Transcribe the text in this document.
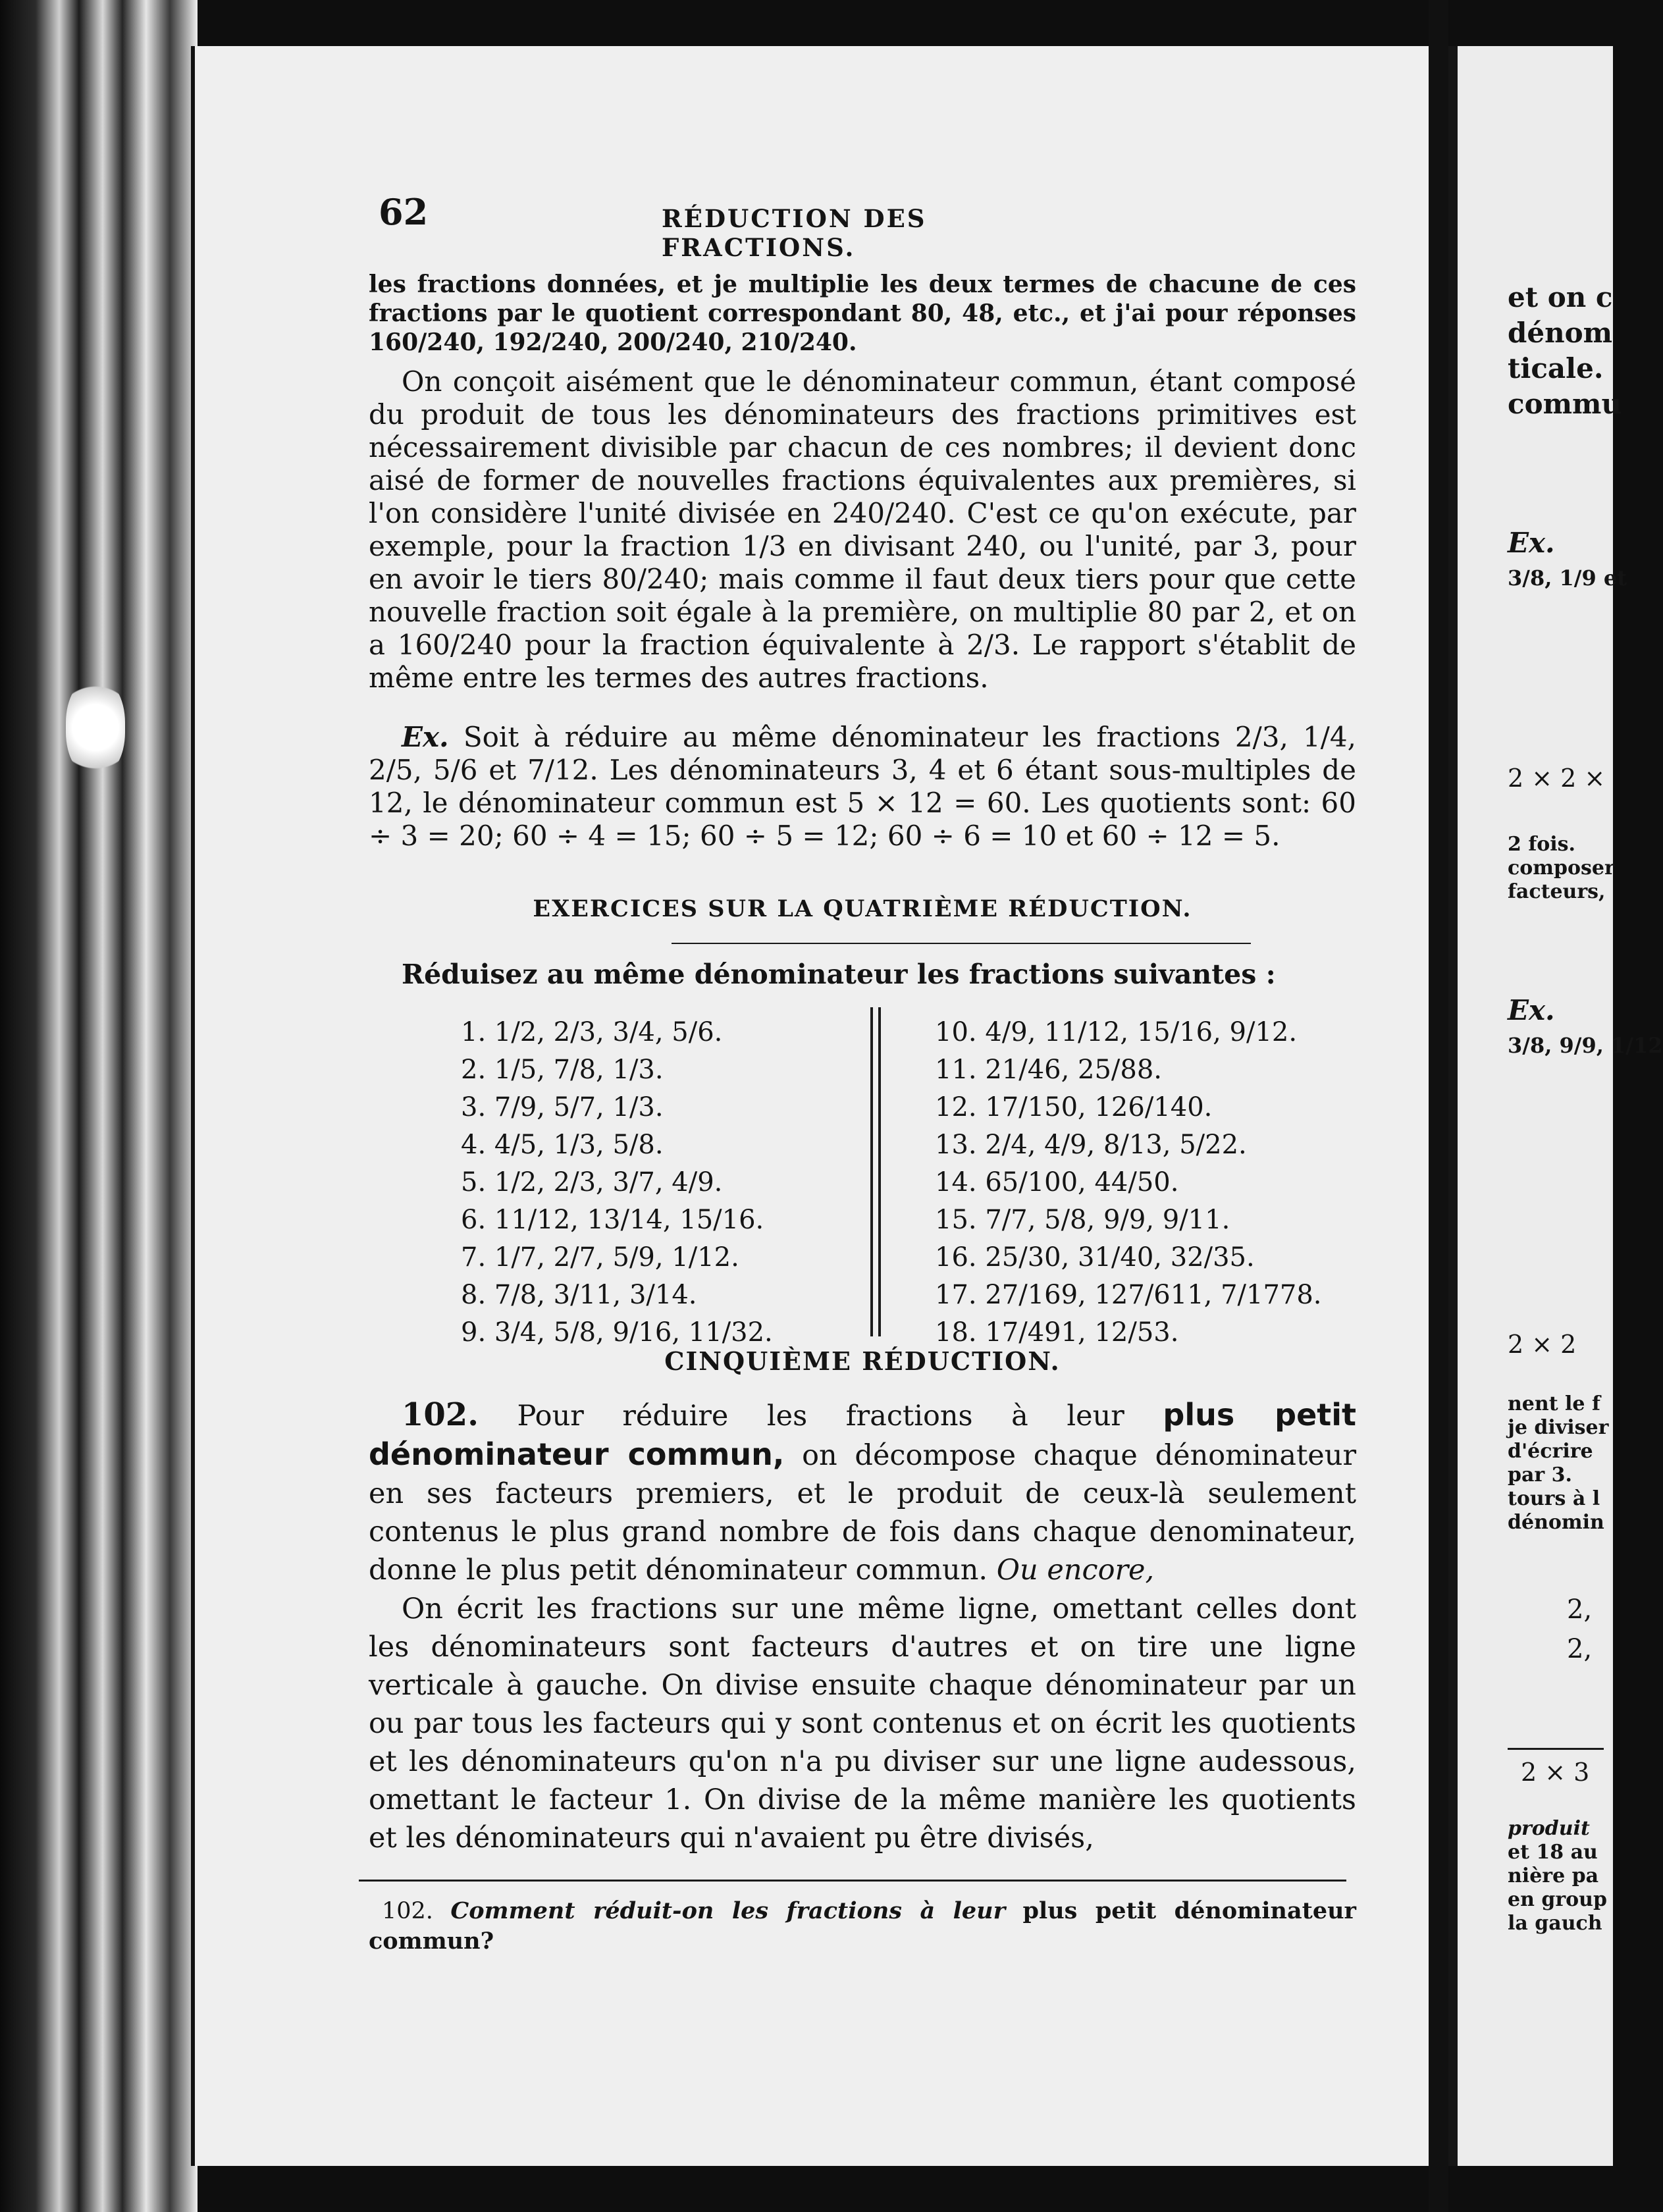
62	RÉDUCTION DES FRACTIONS.

les fractions données, et je multiplie les deux termes de chacune de ces fractions par le quotient correspondant 80, 48, etc., et j'ai pour réponses 160/240, 192/240, 200/240, 210/240.

On conçoit aisément que le dénominateur commun, étant composé du produit de tous les dénominateurs des fractions primitives est nécessairement divisible par chacun de ces nombres; il devient donc aisé de former de nouvelles fractions équivalentes aux premières, si l'on considère l'unité divisée en 240/240. C'est ce qu'on exécute, par exemple, pour la fraction 1/3 en divisant 240, ou l'unité, par 3, pour en avoir le tiers 80/240; mais comme il faut deux tiers pour que cette nouvelle fraction soit égale à la première, on multiplie 80 par 2, et on a 160/240 pour la fraction équivalente à 2/3. Le rapport s'établit de même entre les termes des autres fractions.

Ex. Soit à réduire au même dénominateur les fractions 2/3, 1/4, 2/5, 5/6 et 7/12. Les dénominateurs 3, 4 et 6 étant sous-multiples de 12, le dénominateur commun est 5 × 12 = 60. Les quotients sont: 60 ÷ 3 = 20; 60 ÷ 4 = 15; 60 ÷ 5 = 12; 60 ÷ 6 = 10 et 60 ÷ 12 = 5.

EXERCICES SUR LA QUATRIÈME RÉDUCTION.

Réduisez au même dénominateur les fractions suivantes :

1. 1/2, 2/3, 3/4, 5/6.
2. 1/5, 7/8, 1/3.
3. 7/9, 5/7, 1/3.
4. 4/5, 1/3, 5/8.
5. 1/2, 2/3, 3/7, 4/9.
6. 11/12, 13/14, 15/16.
7. 1/7, 2/7, 5/9, 1/12.
8. 7/8, 3/11, 3/14.
9. 3/4, 5/8, 9/16, 11/32.
10. 4/9, 11/12, 15/16, 9/12.
11. 21/46, 25/88.
12. 17/150, 126/140.
13. 2/4, 4/9, 8/13, 5/22.
14. 65/100, 44/50.
15. 7/7, 5/8, 9/9, 9/11.
16. 25/30, 31/40, 32/35.
17. 27/169, 127/611, 7/1778.
18. 17/491, 12/53.

CINQUIÈME RÉDUCTION.

102. Pour réduire les fractions à leur plus petit dénominateur commun, on décompose chaque dénominateur en ses facteurs premiers, et le produit de ceux-là seulement contenus le plus grand nombre de fois dans chaque denominateur, donne le plus petit dénominateur commun. Ou encore,

On écrit les fractions sur une même ligne, omettant celles dont les dénominateurs sont facteurs d'autres et on tire une ligne verticale à gauche. On divise ensuite chaque dénominateur par un ou par tous les facteurs qui y sont contenus et on écrit les quotients et les dénominateurs qu'on n'a pu diviser sur une ligne audessous, omettant le facteur 1. On divise de la même manière les quotients et les dénominateurs qui n'avaient pu être divisés,

102. Comment réduit-on les fractions à leur plus petit dénominateur commun?

et on c
dénom
ticale.
commu

Ex.
3/8, 1/9 et

2 × 2 ×

2 fois.
composer
facteurs,

Ex.
3/8, 9/9, 1/12

2 × 2

nent le f
je diviser
d'écrire
par 3.
tours à l
dénomin

2,
2,

2 × 3

produit
et 18 au
nière pa
en group
la gauch
